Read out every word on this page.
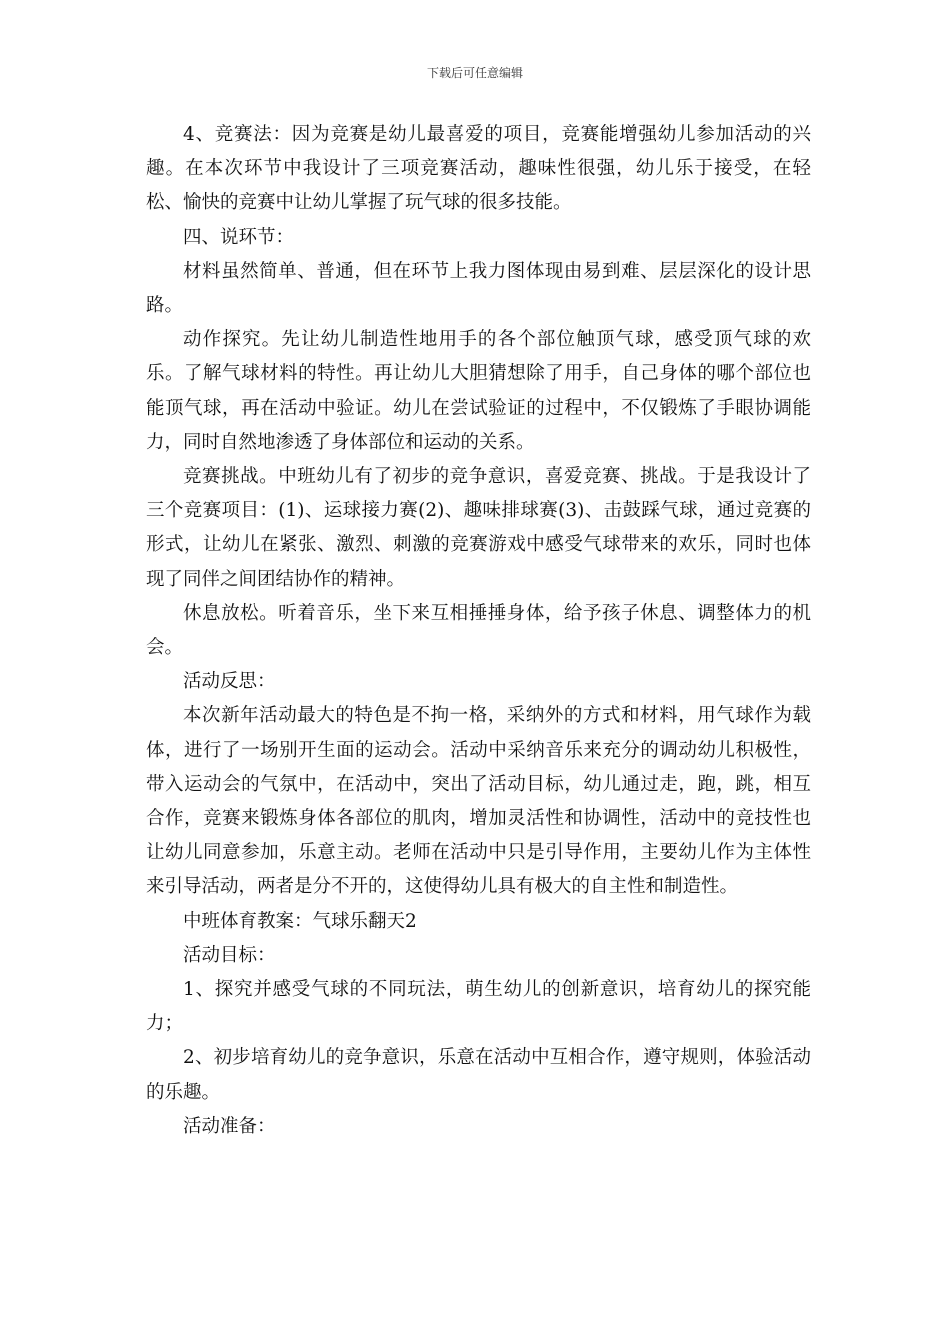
下载后可任意编辑

4、竞赛法：因为竞赛是幼儿最喜爱的项目，竞赛能增强幼儿参加活动的兴趣。在本次环节中我设计了三项竞赛活动，趣味性很强，幼儿乐于接受，在轻松、愉快的竞赛中让幼儿掌握了玩气球的很多技能。

四、说环节：

材料虽然简单、普通，但在环节上我力图体现由易到难、层层深化的设计思路。

动作探究。先让幼儿制造性地用手的各个部位触顶气球，感受顶气球的欢乐。了解气球材料的特性。再让幼儿大胆猜想除了用手，自己身体的哪个部位也能顶气球，再在活动中验证。幼儿在尝试验证的过程中，不仅锻炼了手眼协调能力，同时自然地渗透了身体部位和运动的关系。

竞赛挑战。中班幼儿有了初步的竞争意识，喜爱竞赛、挑战。于是我设计了三个竞赛项目：(1)、运球接力赛(2)、趣味排球赛(3)、击鼓踩气球，通过竞赛的形式，让幼儿在紧张、激烈、刺激的竞赛游戏中感受气球带来的欢乐，同时也体现了同伴之间团结协作的精神。

休息放松。听着音乐，坐下来互相捶捶身体，给予孩子休息、调整体力的机会。

活动反思：

本次新年活动最大的特色是不拘一格，采纳外的方式和材料，用气球作为载体，进行了一场别开生面的运动会。活动中采纳音乐来充分的调动幼儿积极性，带入运动会的气氛中，在活动中，突出了活动目标，幼儿通过走，跑，跳，相互合作，竞赛来锻炼身体各部位的肌肉，增加灵活性和协调性，活动中的竞技性也让幼儿同意参加，乐意主动。老师在活动中只是引导作用，主要幼儿作为主体性来引导活动，两者是分不开的，这使得幼儿具有极大的自主性和制造性。

中班体育教案：气球乐翻天2

活动目标：

1、探究并感受气球的不同玩法，萌生幼儿的创新意识，培育幼儿的探究能力；

2、初步培育幼儿的竞争意识，乐意在活动中互相合作，遵守规则，体验活动的乐趣。

活动准备：
